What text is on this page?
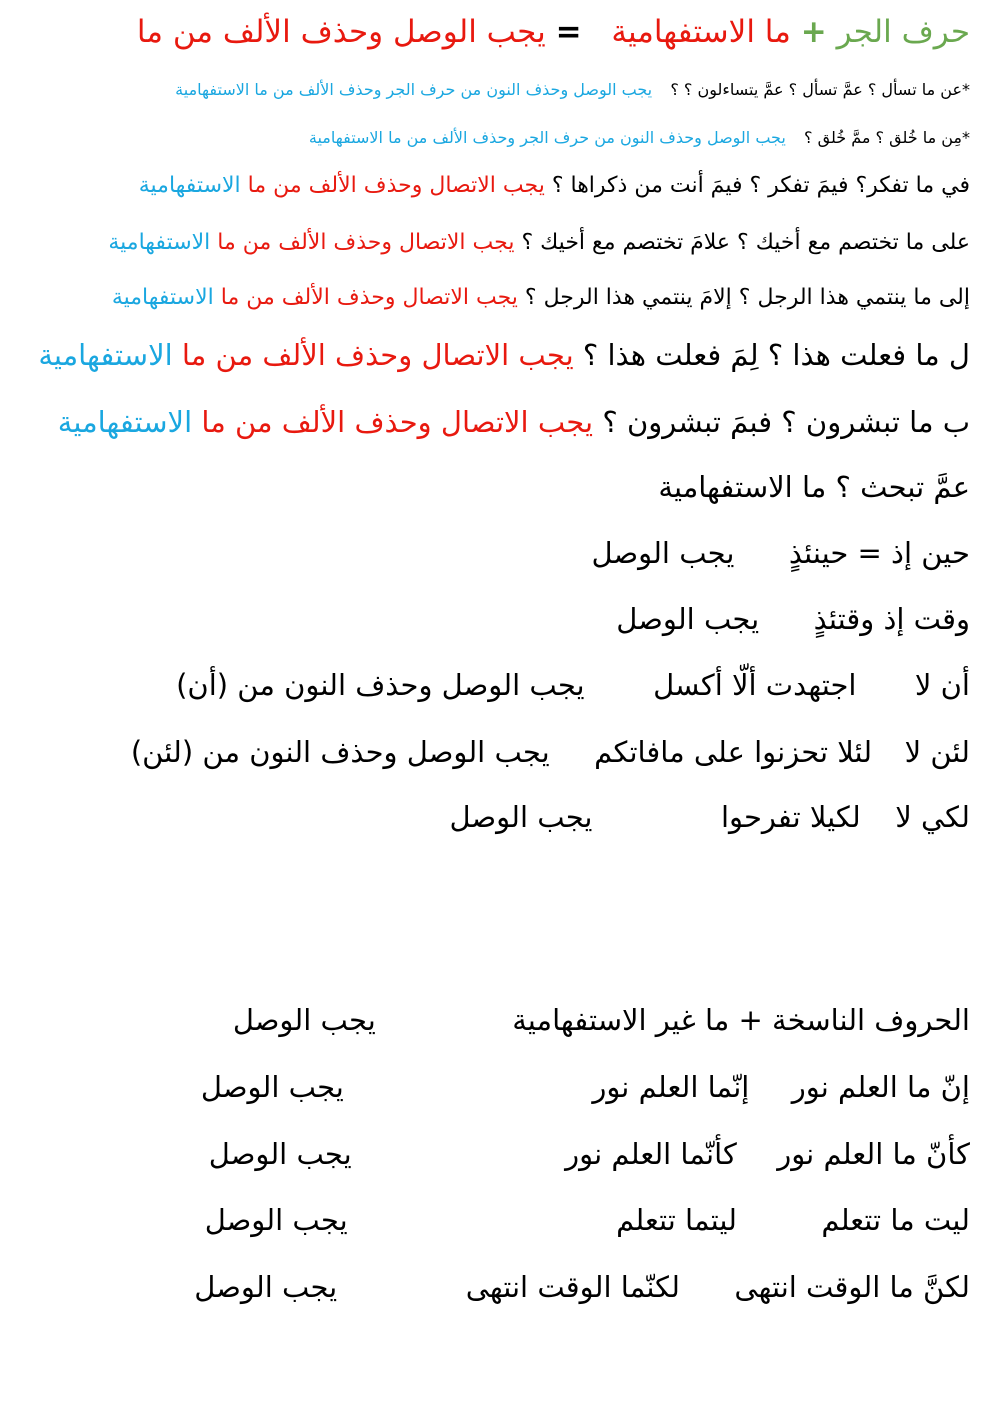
حرف الجر + ما الاستفهامية  = يجب الوصل وحذف الألف من ما
*عن ما تسأل ؟ عمَّ تسأل ؟ عمَّ يتساءلون ؟ ؟  يجب الوصل وحذف النون من حرف الجر وحذف الألف من ما الاستفهامية
*مِن ما خُلق ؟ ممَّ خُلق ؟  يجب الوصل وحذف النون من حرف الجر وحذف الألف من ما الاستفهامية
في ما تفكر؟ فيمَ تفكر ؟ فيمَ أنت من ذكراها ؟ يجب الاتصال وحذف الألف من ما الاستفهامية
على ما تختصم مع أخيك ؟ علامَ تختصم مع أخيك ؟ يجب الاتصال وحذف الألف من ما الاستفهامية
إلى ما ينتمي هذا الرجل ؟ إلامَ ينتمي هذا الرجل ؟ يجب الاتصال وحذف الألف من ما الاستفهامية
ل ما فعلت هذا ؟ لِمَ فعلت هذا ؟ يجب الاتصال وحذف الألف من ما الاستفهامية
ب ما تبشرون ؟ فبمَ تبشرون ؟ يجب الاتصال وحذف الألف من ما الاستفهامية
عمَّ تبحث ؟ ما الاستفهامية
حين إذ = حينئذٍ  يجب الوصل
وقت إذ وقتئذٍ  يجب الوصل
أن لا  اجتهدت ألّا أكسل  يجب الوصل وحذف النون من (أن)
لئن لا  لئلا تحزنوا على مافاتكم  يجب الوصل وحذف النون من (لئن)
لكي لا  لكيلا تفرحوا  يجب الوصل
الحروف الناسخة + ما غير الاستفهامية  يجب الوصل
إنّ ما العلم نور  إنّما العلم نور  يجب الوصل
كأنّ ما العلم نور  كأنّما العلم نور  يجب الوصل
ليت ما تتعلم  ليتما تتعلم  يجب الوصل
لكنَّ ما الوقت انتهى  لكنّما الوقت انتهى  يجب الوصل
